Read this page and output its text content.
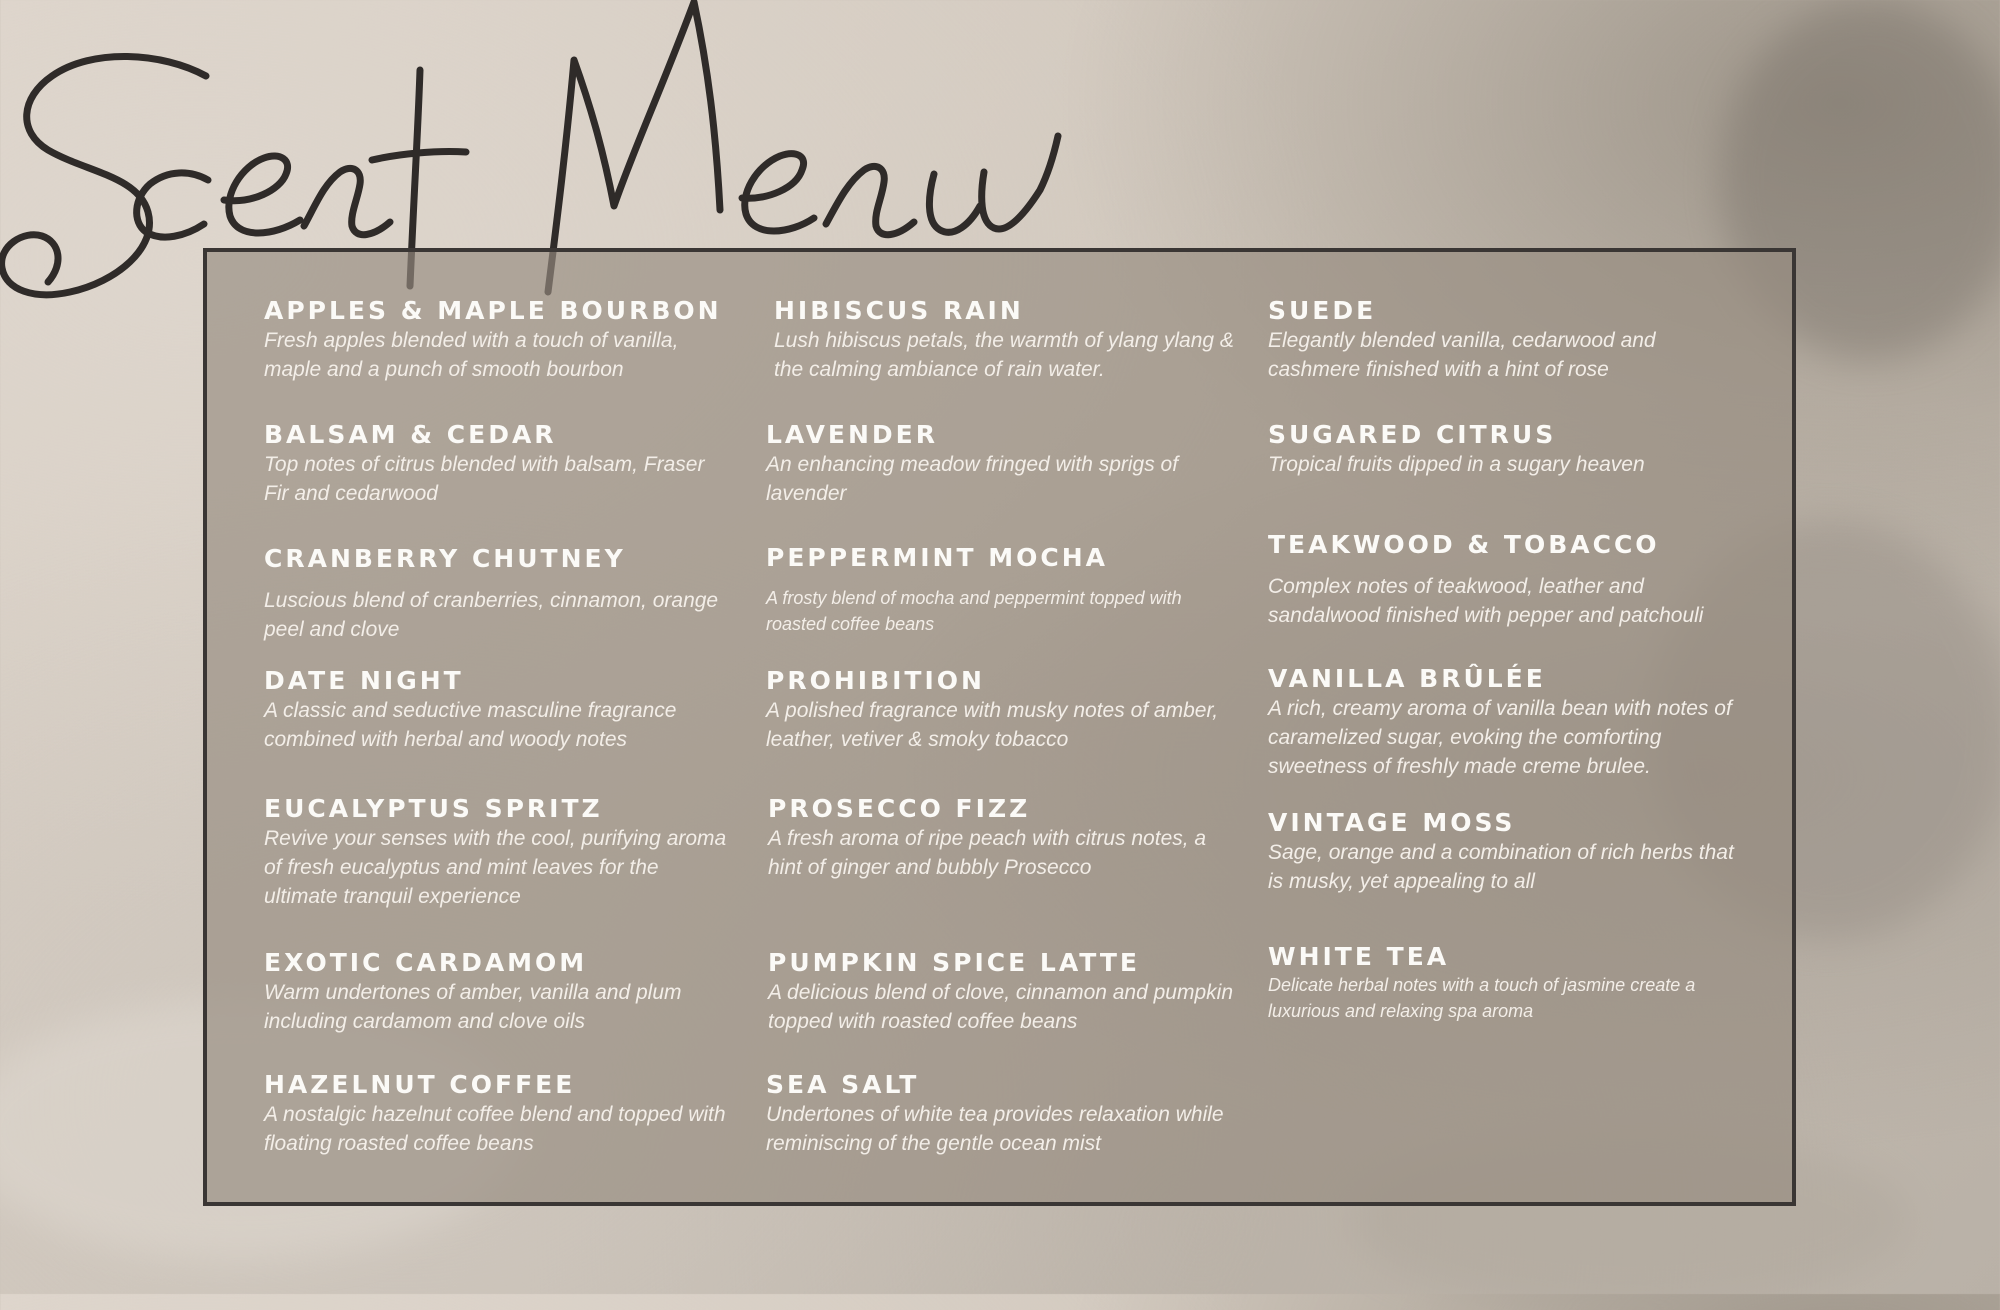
APPLES & MAPLE BOURBON
Fresh apples blended with a touch of vanilla, maple and a punch of smooth bourbon
BALSAM & CEDAR
Top notes of citrus blended with balsam, Fraser Fir and cedarwood
CRANBERRY CHUTNEY
Luscious blend of cranberries, cinnamon, orange peel and clove
DATE NIGHT
A classic and seductive masculine fragrance combined with herbal and woody notes
EUCALYPTUS SPRITZ
Revive your senses with the cool, purifying aroma of fresh eucalyptus and mint leaves for the ultimate tranquil experience
EXOTIC CARDAMOM
Warm undertones of amber, vanilla and plum including cardamom and clove oils
HAZELNUT COFFEE
A nostalgic hazelnut coffee blend and topped with floating roasted coffee beans
HIBISCUS RAIN
Lush hibiscus petals, the warmth of ylang ylang & the calming ambiance of rain water.
LAVENDER
An enhancing meadow fringed with sprigs of lavender
PEPPERMINT MOCHA
A frosty blend of mocha and peppermint topped with roasted coffee beans
PROHIBITION
A polished fragrance with musky notes of amber, leather, vetiver & smoky tobacco
PROSECCO FIZZ
A fresh aroma of ripe peach with citrus notes, a hint of ginger and bubbly Prosecco
PUMPKIN SPICE LATTE
A delicious blend of clove, cinnamon and pumpkin topped with roasted coffee beans
SEA SALT
Undertones of white tea provides relaxation while reminiscing of the gentle ocean mist
SUEDE
Elegantly blended vanilla, cedarwood and cashmere finished with a hint of rose
SUGARED CITRUS
Tropical fruits dipped in a sugary heaven
TEAKWOOD & TOBACCO
Complex notes of teakwood, leather and sandalwood finished with pepper and patchouli
VANILLA BRÛLÉE
A rich, creamy aroma of vanilla bean with notes of caramelized sugar, evoking the comforting sweetness of freshly made creme brulee.
VINTAGE MOSS
Sage, orange and a combination of rich herbs that is musky, yet appealing to all
WHITE TEA
Delicate herbal notes with a touch of jasmine create a luxurious and relaxing spa aroma
